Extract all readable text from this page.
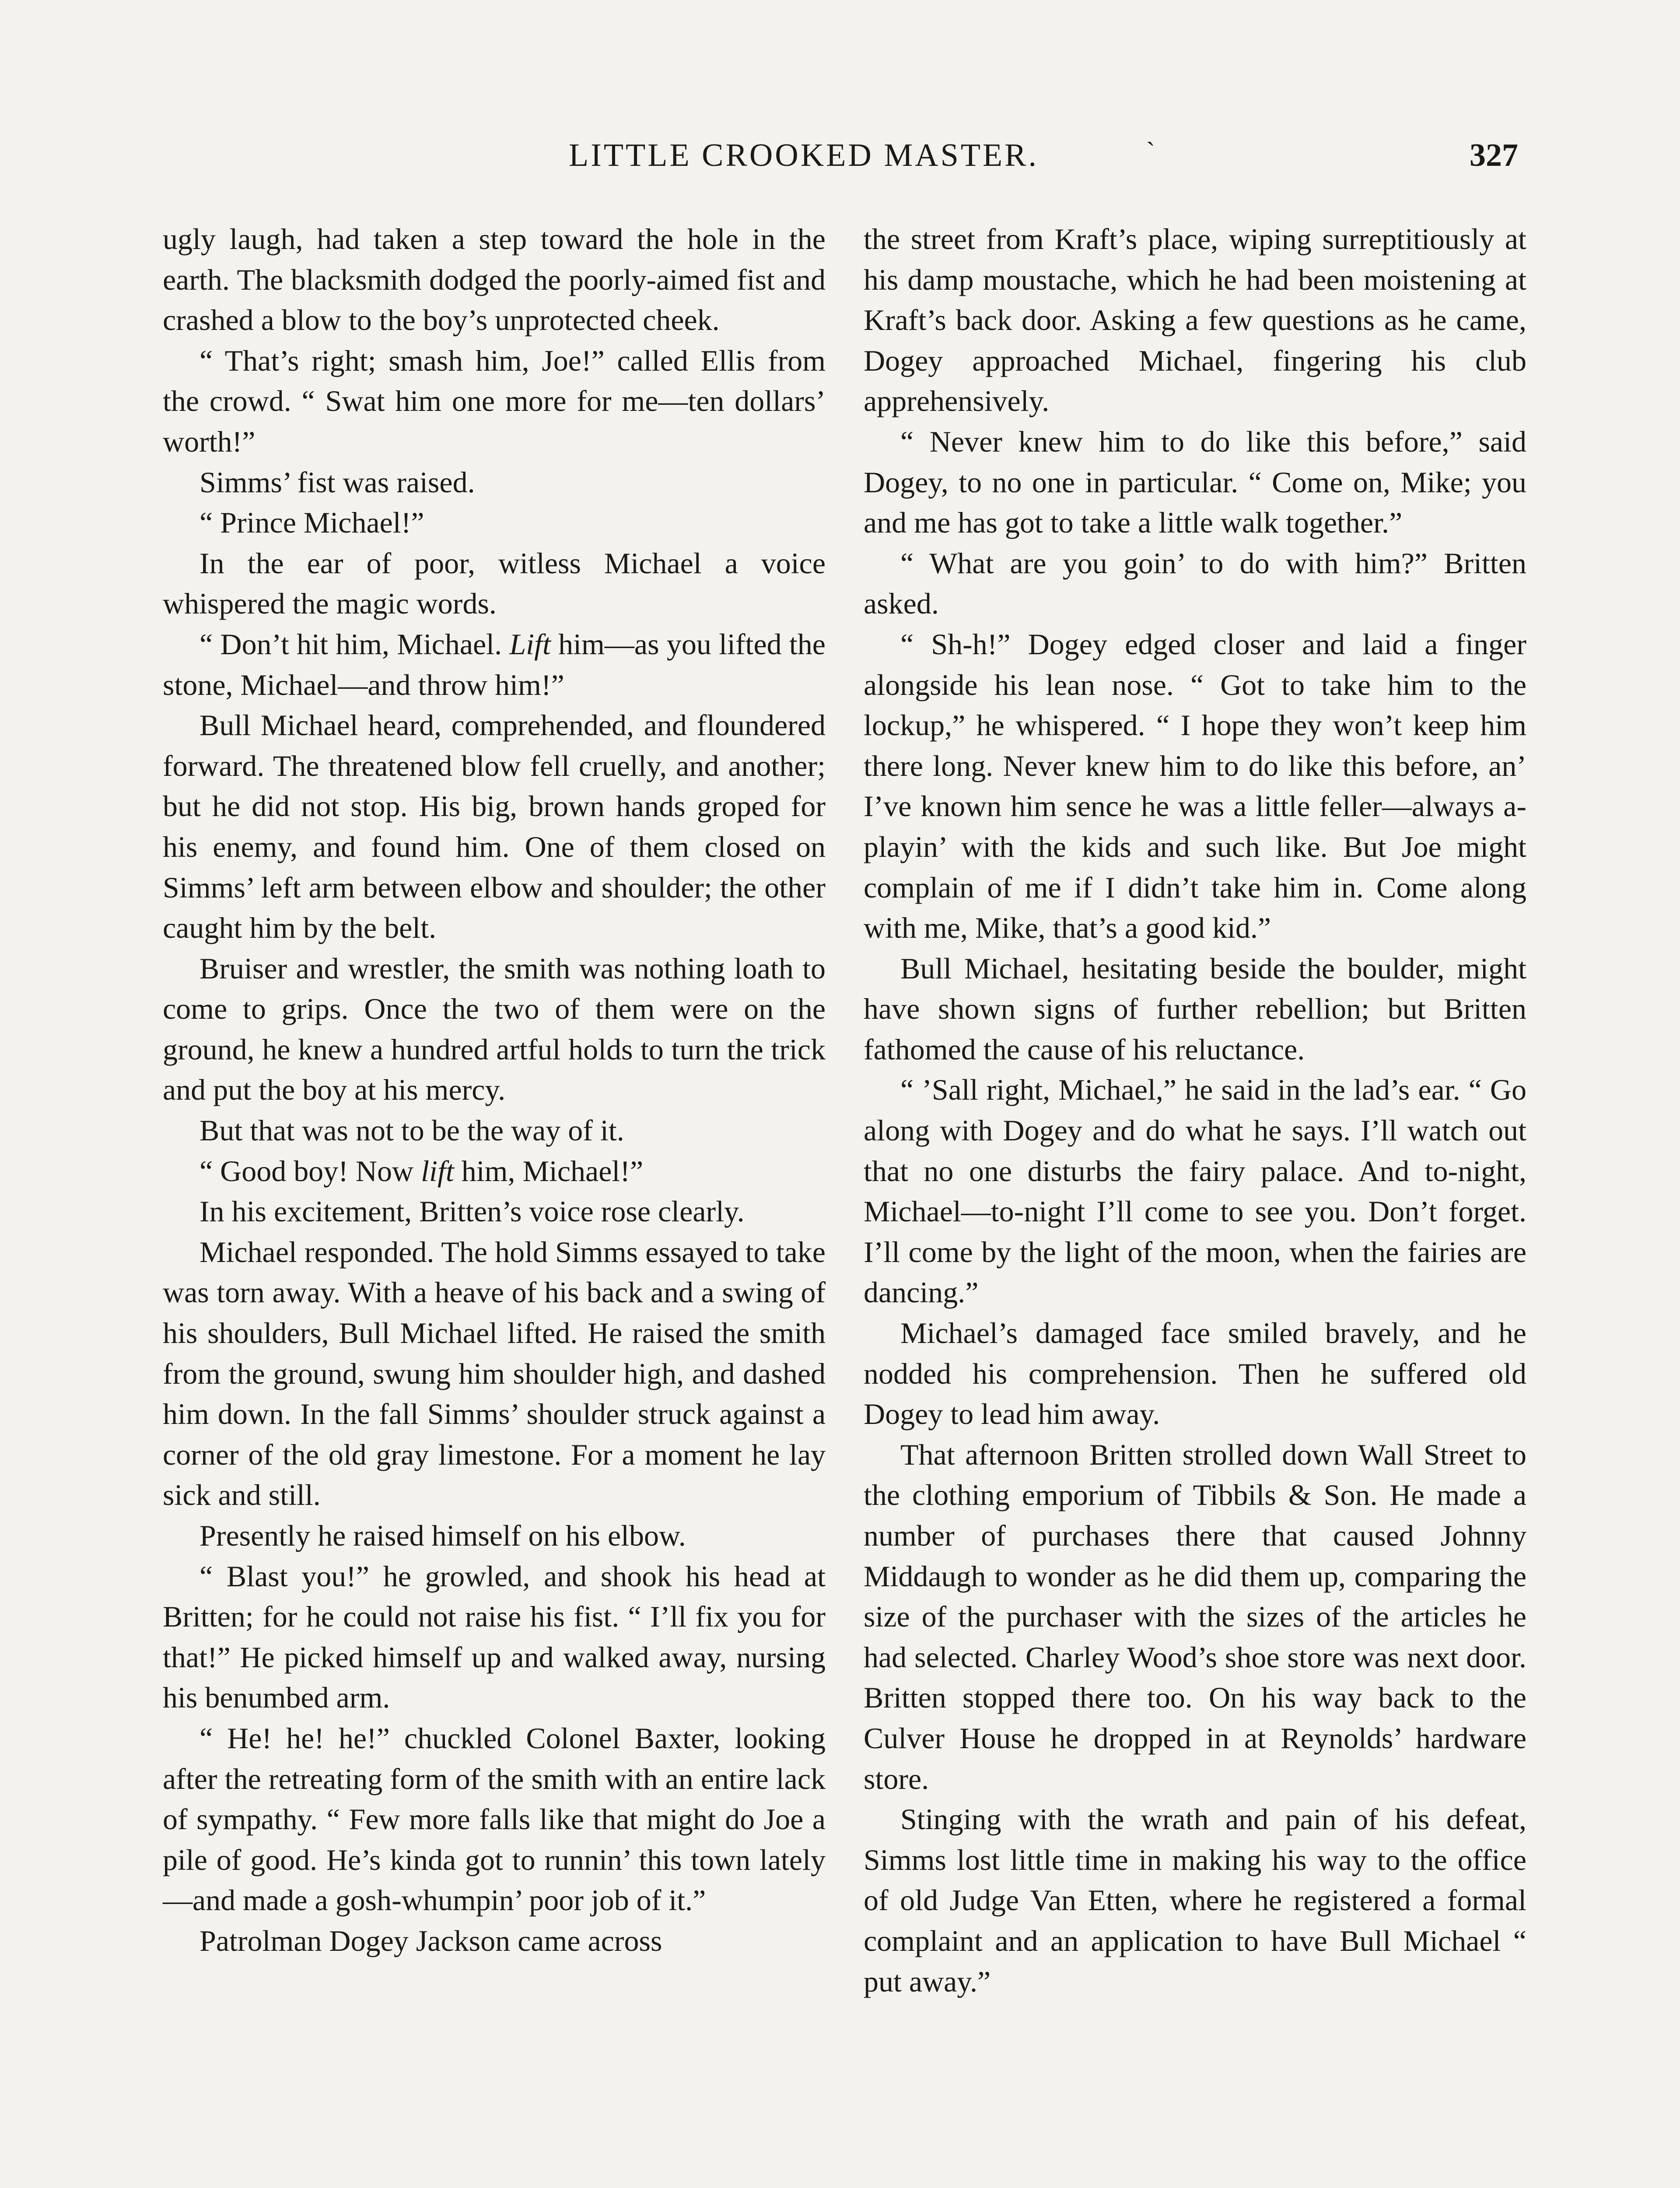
LITTLE CROOKED MASTER.	`	327

ugly laugh, had taken a step toward the hole in the earth. The blacksmith dodged the poorly-aimed fist and crashed a blow to the boy’s unprotected cheek.

“ That’s right; smash him, Joe!” called Ellis from the crowd. “ Swat him one more for me—ten dollars’ worth!”

Simms’ fist was raised.

“ Prince Michael!”

In the ear of poor, witless Michael a voice whispered the magic words.

“ Don’t hit him, Michael. Lift him—as you lifted the stone, Michael—and throw him!”

Bull Michael heard, comprehended, and floundered forward. The threatened blow fell cruelly, and another; but he did not stop. His big, brown hands groped for his enemy, and found him. One of them closed on Simms’ left arm between elbow and shoulder; the other caught him by the belt.

Bruiser and wrestler, the smith was nothing loath to come to grips. Once the two of them were on the ground, he knew a hundred artful holds to turn the trick and put the boy at his mercy.

But that was not to be the way of it.

“ Good boy! Now lift him, Michael!”

In his excitement, Britten’s voice rose clearly.

Michael responded. The hold Simms essayed to take was torn away. With a heave of his back and a swing of his shoulders, Bull Michael lifted. He raised the smith from the ground, swung him shoulder high, and dashed him down. In the fall Simms’ shoulder struck against a corner of the old gray limestone. For a moment he lay sick and still.

Presently he raised himself on his elbow.

“ Blast you!” he growled, and shook his head at Britten; for he could not raise his fist. “ I’ll fix you for that!” He picked himself up and walked away, nursing his benumbed arm.

“ He! he! he!” chuckled Colonel Baxter, looking after the retreating form of the smith with an entire lack of sympathy. “ Few more falls like that might do Joe a pile of good. He’s kinda got to runnin’ this town lately—and made a gosh-whumpin’ poor job of it.”

Patrolman Dogey Jackson came across

the street from Kraft’s place, wiping surreptitiously at his damp moustache, which he had been moistening at Kraft’s back door. Asking a few questions as he came, Dogey approached Michael, fingering his club apprehensively.

“ Never knew him to do like this before,” said Dogey, to no one in particular. “ Come on, Mike; you and me has got to take a little walk together.”

“ What are you goin’ to do with him?” Britten asked.

“ Sh-h!” Dogey edged closer and laid a finger alongside his lean nose. “ Got to take him to the lockup,” he whispered. “ I hope they won’t keep him there long. Never knew him to do like this before, an’ I’ve known him sence he was a little feller—always a-playin’ with the kids and such like. But Joe might complain of me if I didn’t take him in. Come along with me, Mike, that’s a good kid.”

Bull Michael, hesitating beside the boulder, might have shown signs of further rebellion; but Britten fathomed the cause of his reluctance.

“ ’Sall right, Michael,” he said in the lad’s ear. “ Go along with Dogey and do what he says. I’ll watch out that no one disturbs the fairy palace. And to-night, Michael—to-night I’ll come to see you. Don’t forget. I’ll come by the light of the moon, when the fairies are dancing.”

Michael’s damaged face smiled bravely, and he nodded his comprehension. Then he suffered old Dogey to lead him away.

That afternoon Britten strolled down Wall Street to the clothing emporium of Tibbils & Son. He made a number of purchases there that caused Johnny Middaugh to wonder as he did them up, comparing the size of the purchaser with the sizes of the articles he had selected. Charley Wood’s shoe store was next door. Britten stopped there too. On his way back to the Culver House he dropped in at Reynolds’ hardware store.

Stinging with the wrath and pain of his defeat, Simms lost little time in making his way to the office of old Judge Van Etten, where he registered a formal complaint and an application to have Bull Michael “ put away.”
